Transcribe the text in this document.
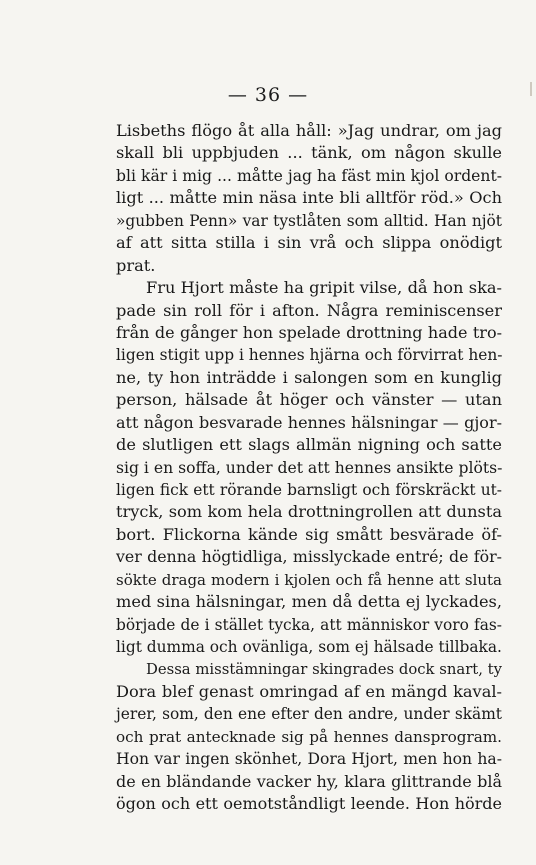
— 36 —
Lisbeths flögo åt alla håll: »Jag undrar, om jag
skall bli uppbjuden ... tänk, om någon skulle
bli kär i mig ... måtte jag ha fäst min kjol ordent-
ligt ... måtte min näsa inte bli alltför röd.» Och
»gubben Penn» var tystlåten som alltid. Han njöt
af att sitta stilla i sin vrå och slippa onödigt
prat.
Fru Hjort måste ha gripit vilse, då hon ska-
pade sin roll för i afton. Några reminiscenser
från de gånger hon spelade drottning hade tro-
ligen stigit upp i hennes hjärna och förvirrat hen-
ne, ty hon inträdde i salongen som en kunglig
person, hälsade åt höger och vänster — utan
att någon besvarade hennes hälsningar — gjor-
de slutligen ett slags allmän nigning och satte
sig i en soffa, under det att hennes ansikte plöts-
ligen fick ett rörande barnsligt och förskräckt ut-
tryck, som kom hela drottningrollen att dunsta
bort. Flickorna kände sig smått besvärade öf-
ver denna högtidliga, misslyckade entré; de för-
sökte draga modern i kjolen och få henne att sluta
med sina hälsningar, men då detta ej lyckades,
började de i stället tycka, att människor voro fas-
ligt dumma och ovänliga, som ej hälsade tillbaka.
Dessa misstämningar skingrades dock snart, ty
Dora blef genast omringad af en mängd kaval-
jerer, som, den ene efter den andre, under skämt
och prat antecknade sig på hennes dansprogram.
Hon var ingen skönhet, Dora Hjort, men hon ha-
de en bländande vacker hy, klara glittrande blå
ögon och ett oemotståndligt leende. Hon hörde
